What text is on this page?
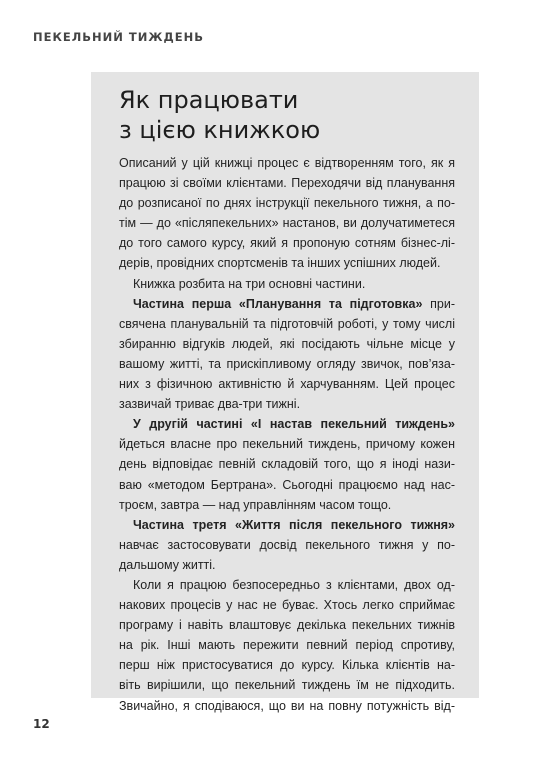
ПЕКЕЛЬНИЙ ТИЖДЕНЬ
Як працювати
з цією книжкою

Описаний у цій книжці процес є відтворенням того, як я
працюю зі своїми клієнтами. Переходячи від планування
до розписаної по днях інструкції пекельного тижня, а по-
тім — до «післяпекельних» настанов, ви долучатиметеся
до того самого курсу, який я пропоную сотням бізнес-лі-
дерів, провідних спортсменів та інших успішних людей.

Книжка розбита на три основні частини.

Частина перша «Планування та підготовка» при-
свячена планувальній та підготовчій роботі, у тому числі
збиранню відгуків людей, які посідають чільне місце у
вашому житті, та прискіпливому огляду звичок, пов’яза-
них з фізичною активністю й харчуванням. Цей процес
зазвичай триває два-три тижні.

У другій частині «І настав пекельний тиждень»
йдеться власне про пекельний тиждень, причому кожен
день відповідає певній складовій того, що я іноді нази-
ваю «методом Бертрана». Сьогодні працюємо над нас-
троєм, завтра — над управлінням часом тощо.

Частина третя «Життя після пекельного тижня»
навчає застосовувати досвід пекельного тижня у по-
дальшому житті.

Коли я працюю безпосередньо з клієнтами, двох од-
накових процесів у нас не буває. Хтось легко сприймає
програму і навіть влаштовує декілька пекельних тижнів
на рік. Інші мають пережити певний період спротиву,
перш ніж пристосуватися до курсу. Кілька клієнтів на-
віть вирішили, що пекельний тиждень їм не підходить.
Звичайно, я сподіваюся, що ви на повну потужність від-

12
